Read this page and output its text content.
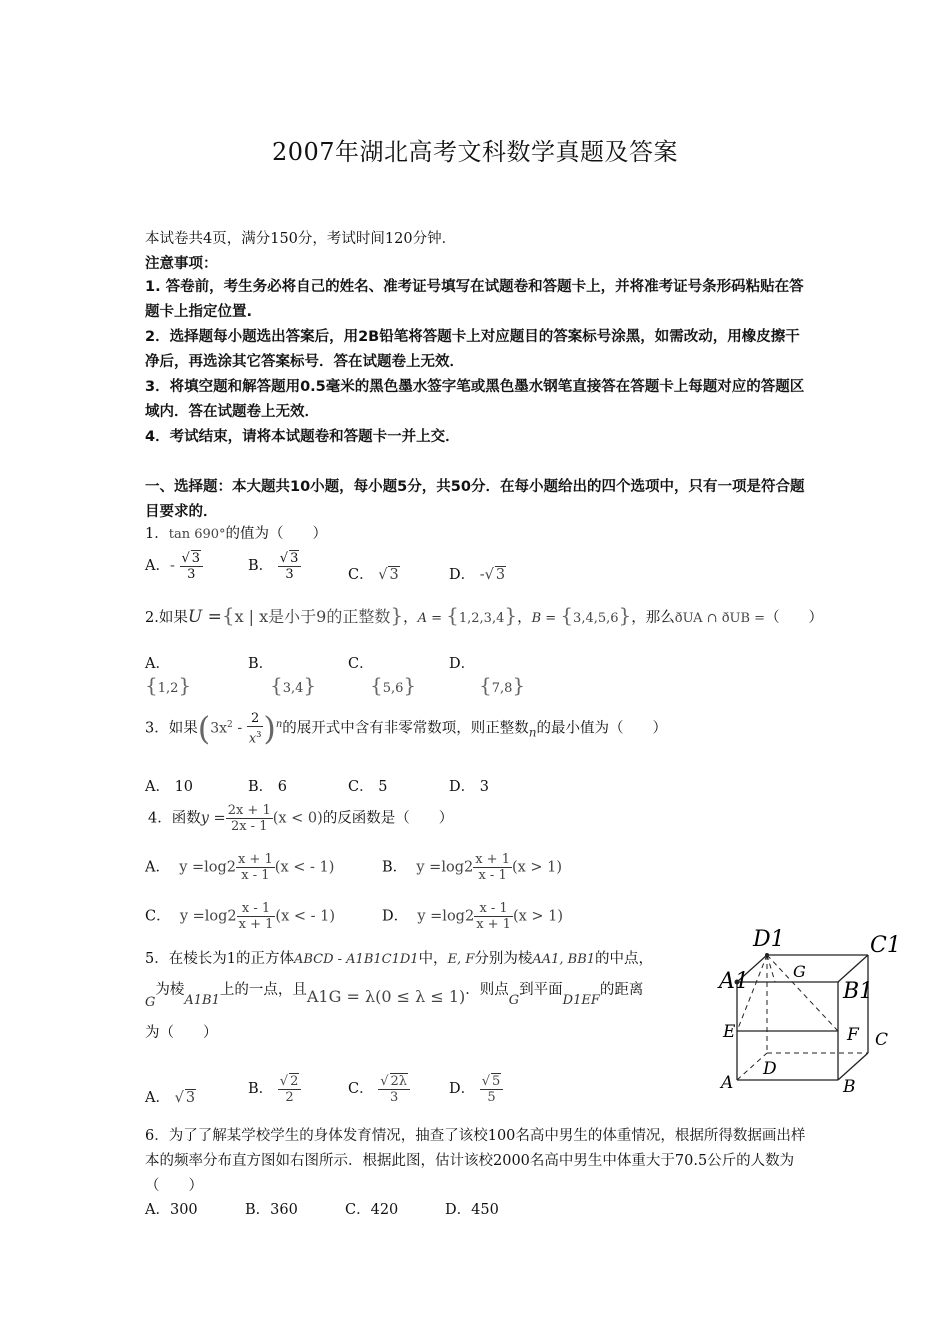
2007年湖北高考文科数学真题及答案
本试卷共4页，满分150分，考试时间120分钟．
注意事项：
1. 答卷前，考生务必将自己的姓名、准考证号填写在试题卷和答题卡上，并将准考证号条形码粘贴在答题卡上指定位置.
2．选择题每小题选出答案后，用2B铅笔将答题卡上对应题目的答案标号涂黑，如需改动，用橡皮擦干净后，再选涂其它答案标号．答在试题卷上无效．
3．将填空题和解答题用0.5毫米的黑色墨水签字笔或黑色墨水钢笔直接答在答题卡上每题对应的答题区域内．答在试题卷上无效．
4．考试结束，请将本试题卷和答题卡一并上交．
一、选择题：本大题共10小题，每小题5分，共50分．在每小题给出的四个选项中，只有一项是符合题目要求的．
1．tan 690°的值为（　　）
A．- $\frac{√ 3}{3}$	B． $\frac{√ 3}{3}$	C． √ 3	D． -√ 3
2.如果U ={x | x是小于9的正整数}，A = {1,2,3,4}，B = {3,4,5,6}，那么ðUA ∩ ðUB =（　　）
A．
{1,2}
B．
{3,4}
C．
{5,6}
D．
{7,8}
3．如果$(3x^2 - \frac{2}{x^3} )^n$的展开式中含有非零常数项，则正整数$_n$的最小值为（　　）
A． 10	B． 6	C． 5	D． 3
4．函数$y = \frac{2x + 1}{2x - 1} (x < 0)$的反函数是（　　）
A． $y =\log 2 \frac{x + 1}{x - 1} (x$ < - 1)	B． $y =\log 2 \frac{x + 1}{x - 1} (x > 1)$
C． $y =\log 2 \frac{x - 1}{x + 1} (x$ < - 1)	D． $y =\log 2 \frac{x - 1}{x + 1} (x > 1)$
5．在棱长为1的正方体ABCD - A1B1C1D1中，E, F分别为棱AA1, BB1的中点，
G为棱A1B1上的一点，且A1G = λ(0 ≤ λ ≤ 1)．则点G到平面D1EF的距离
为（　　）
A． √ 3
B． $\frac{√ 2}{2}$	C． $\frac{√ 2\lambda}{3}$	D． $\frac{√ 5}{5}$
D1	C1
A1	B1
G
E	F C
A
D
B
6．为了了解某学校学生的身体发育情况，抽查了该校100名高中男生的体重情况，根据所得数据画出样本的频率分布直方图如右图所示．根据此图，估计该校2000名高中男生中体重大于70.5公斤的人数为（　　）
A．300	B．360	C．420	D．450
